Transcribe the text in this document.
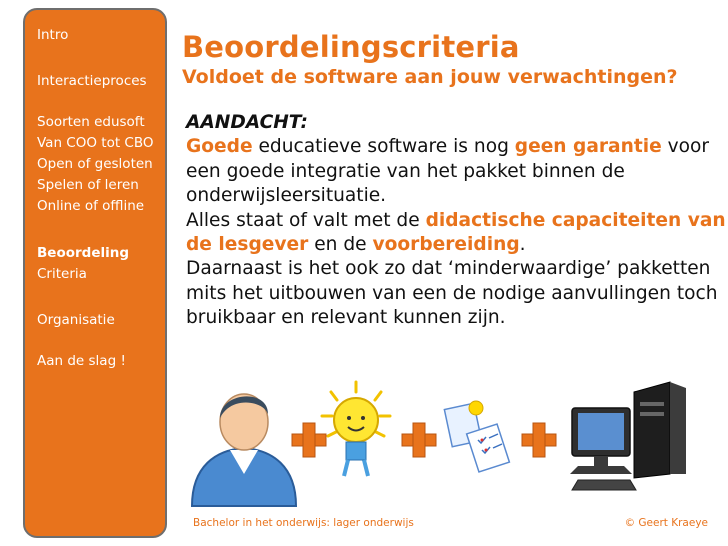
Intro
Interactieproces
Soorten edusoft
Van COO tot CBO
Open of gesloten
Spelen of leren
Online of offline
Beoordeling
Criteria
Organisatie
Aan de slag !
Beoordelingscriteria
Voldoet de software aan jouw verwachtingen?

AANDACHT:
Goede educatieve software is nog geen garantie voor een goede integratie van het pakket binnen de onderwijsleersituatie.

Alles staat of valt met de didactische capaciteiten van de lesgever en de voorbereiding.

Daarnaast is het ook zo dat ‘minderwaardige’ pakketten mits het uitbouwen van een de nodige aanvullingen toch bruikbaar en relevant kunnen zijn.

Bachelor in het onderwijs: lager onderwijs	© Geert Kraeye
